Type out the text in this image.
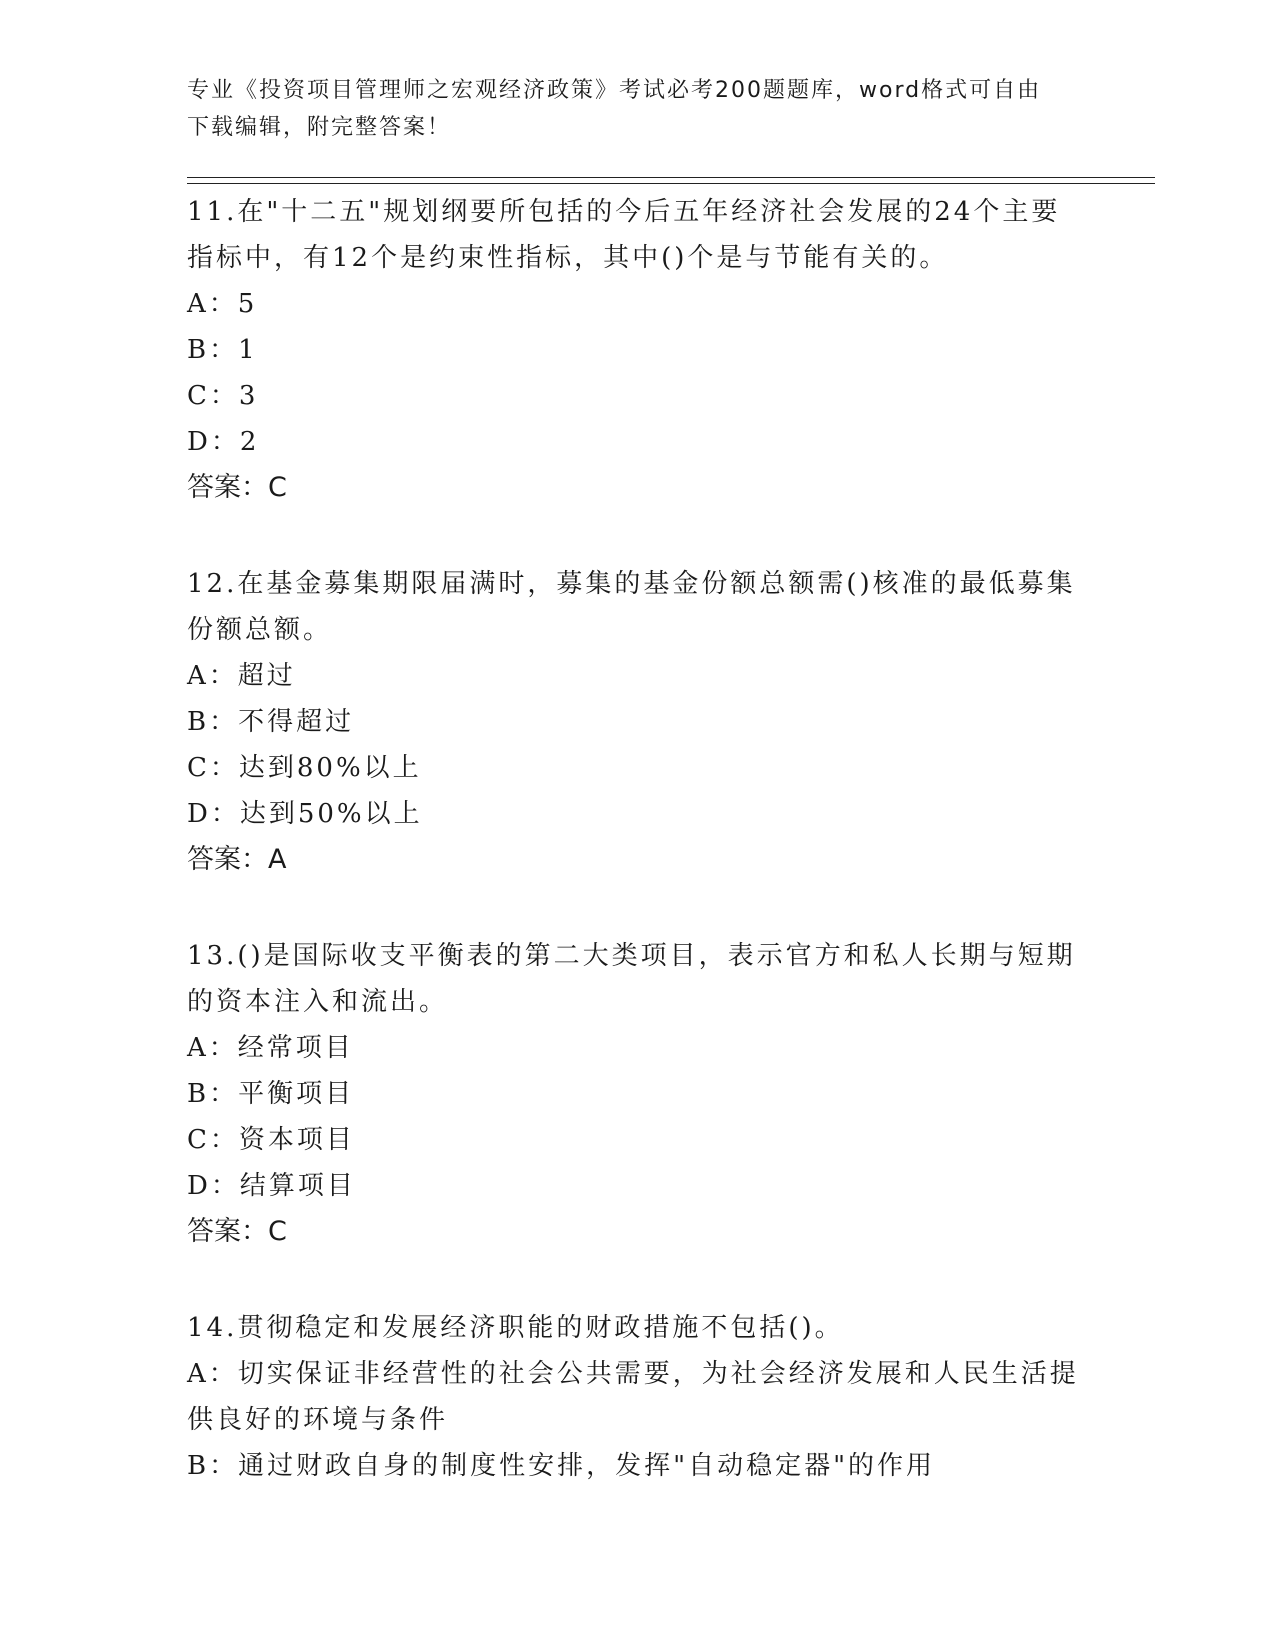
专业《投资项目管理师之宏观经济政策》考试必考200题题库，word格式可自由
下载编辑，附完整答案！

11.在"十二五"规划纲要所包括的今后五年经济社会发展的24个主要指标中，有12个是约束性指标，其中()个是与节能有关的。

A：5

B：1

C：3

D：2

答案：C

12.在基金募集期限届满时，募集的基金份额总额需()核准的最低募集份额总额。

A：超过

B：不得超过

C：达到80%以上

D：达到50%以上

答案：A

13.()是国际收支平衡表的第二大类项目，表示官方和私人长期与短期的资本注入和流出。

A：经常项目

B：平衡项目

C：资本项目

D：结算项目

答案：C

14.贯彻稳定和发展经济职能的财政措施不包括()。

A：切实保证非经营性的社会公共需要，为社会经济发展和人民生活提供良好的环境与条件

B：通过财政自身的制度性安排，发挥"自动稳定器"的作用
